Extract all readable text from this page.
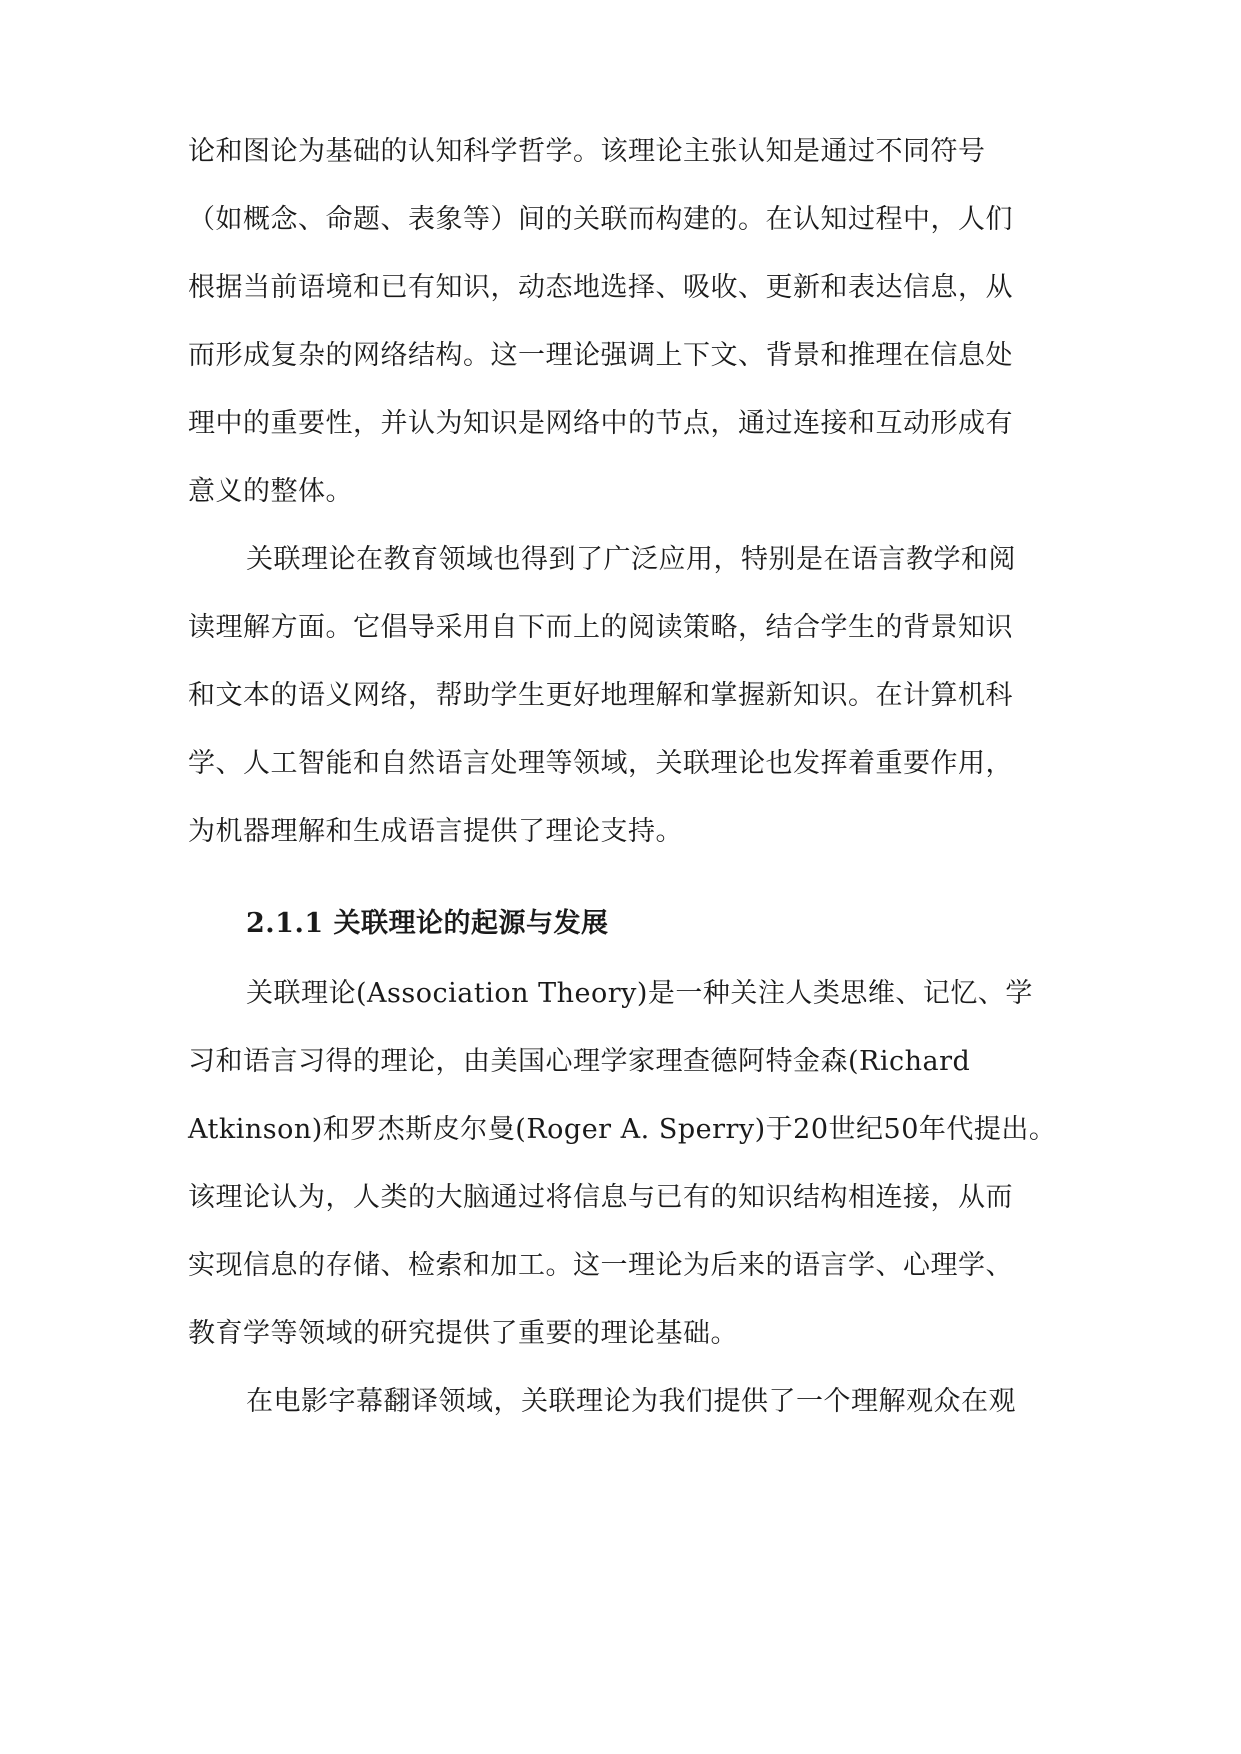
论和图论为基础的认知科学哲学。该理论主张认知是通过不同符号
（如概念、命题、表象等）间的关联而构建的。在认知过程中，人们
根据当前语境和已有知识，动态地选择、吸收、更新和表达信息，从
而形成复杂的网络结构。这一理论强调上下文、背景和推理在信息处
理中的重要性，并认为知识是网络中的节点，通过连接和互动形成有
意义的整体。
关联理论在教育领域也得到了广泛应用，特别是在语言教学和阅
读理解方面。它倡导采用自下而上的阅读策略，结合学生的背景知识
和文本的语义网络，帮助学生更好地理解和掌握新知识。在计算机科
学、人工智能和自然语言处理等领域，关联理论也发挥着重要作用，
为机器理解和生成语言提供了理论支持。
2.1.1 关联理论的起源与发展
关联理论(Association Theory)是一种关注人类思维、记忆、学
习和语言习得的理论，由美国心理学家理查德阿特金森(Richard
Atkinson)和罗杰斯皮尔曼(Roger A. Sperry)于20世纪50年代提出。
该理论认为，人类的大脑通过将信息与已有的知识结构相连接，从而
实现信息的存储、检索和加工。这一理论为后来的语言学、心理学、
教育学等领域的研究提供了重要的理论基础。
在电影字幕翻译领域，关联理论为我们提供了一个理解观众在观
